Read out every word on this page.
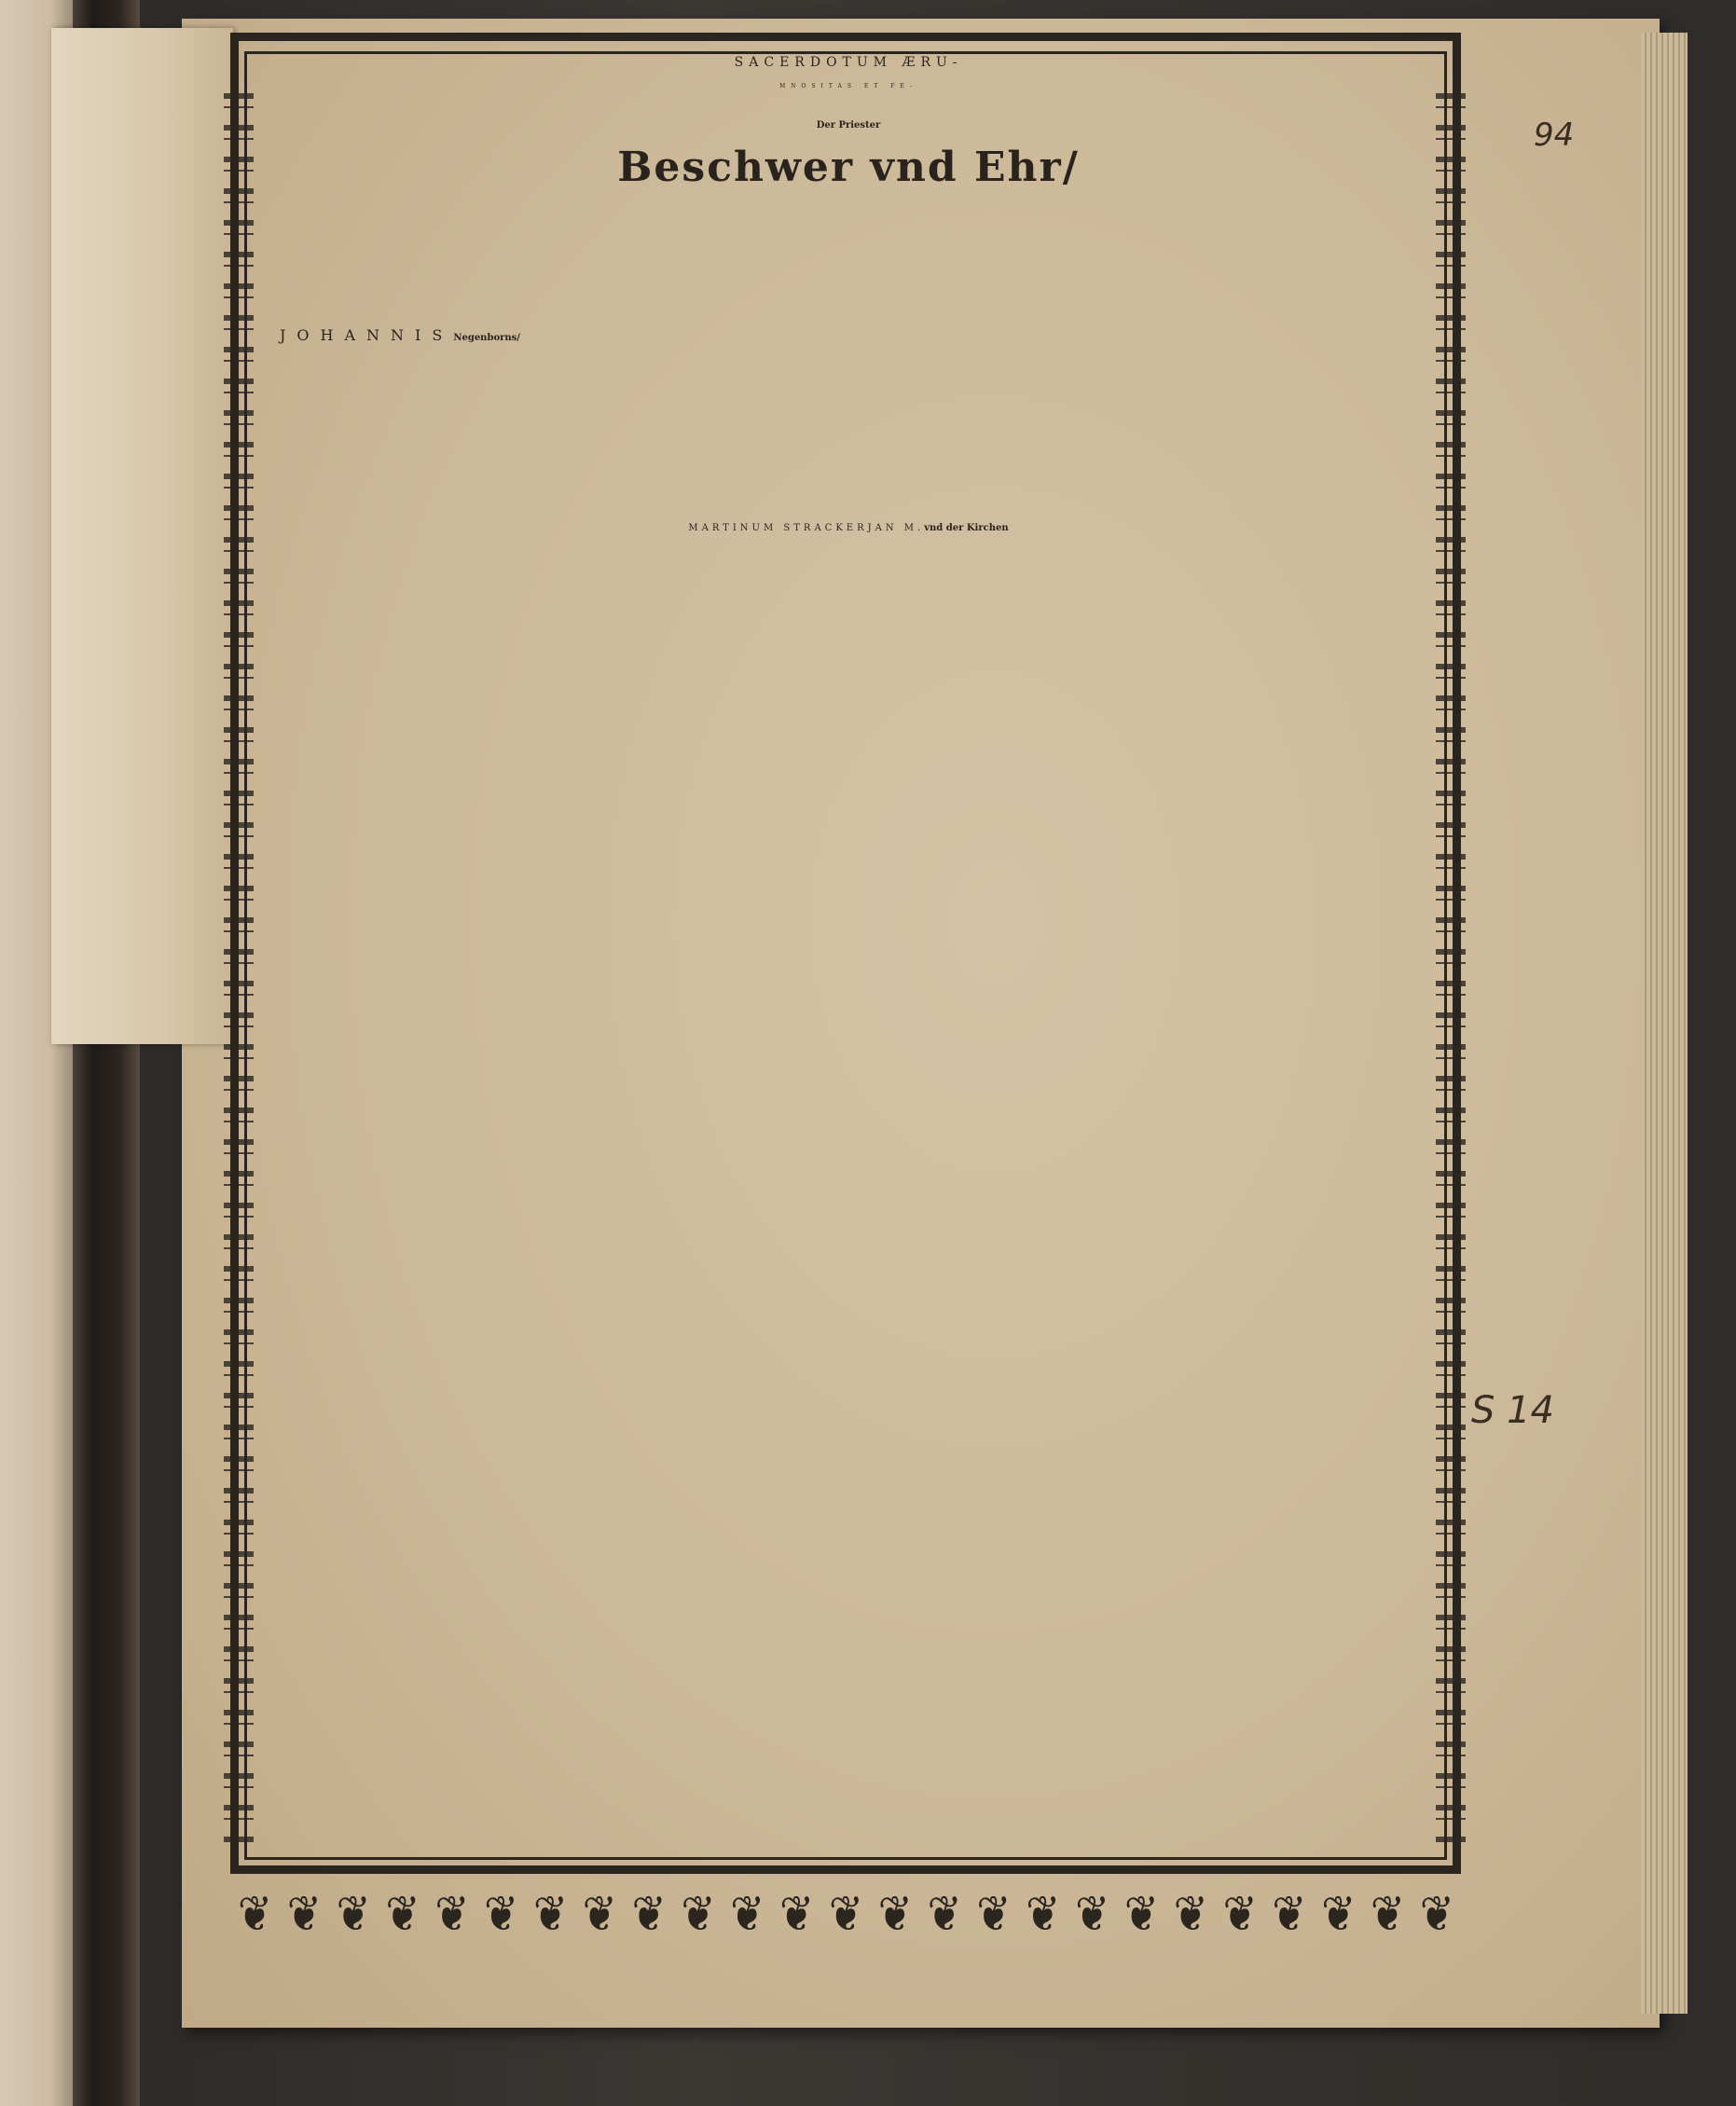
SACERDOTUM ÆRU-
MNOSITAS ET FE-
Der Priester
Beschwer vnd Ehr/
JOHANNIS Negenborns/
MARTINUM STRACKERJAN M. vnd der Kirchen
❦ ❦ ❦ ❦ ❦ ❦ ❦ ❦ ❦ ❦ ❦ ❦ ❦ ❦ ❦ ❦ ❦ ❦ ❦ ❦ ❦ ❦ ❦ ❦ ❦
94
S 14
